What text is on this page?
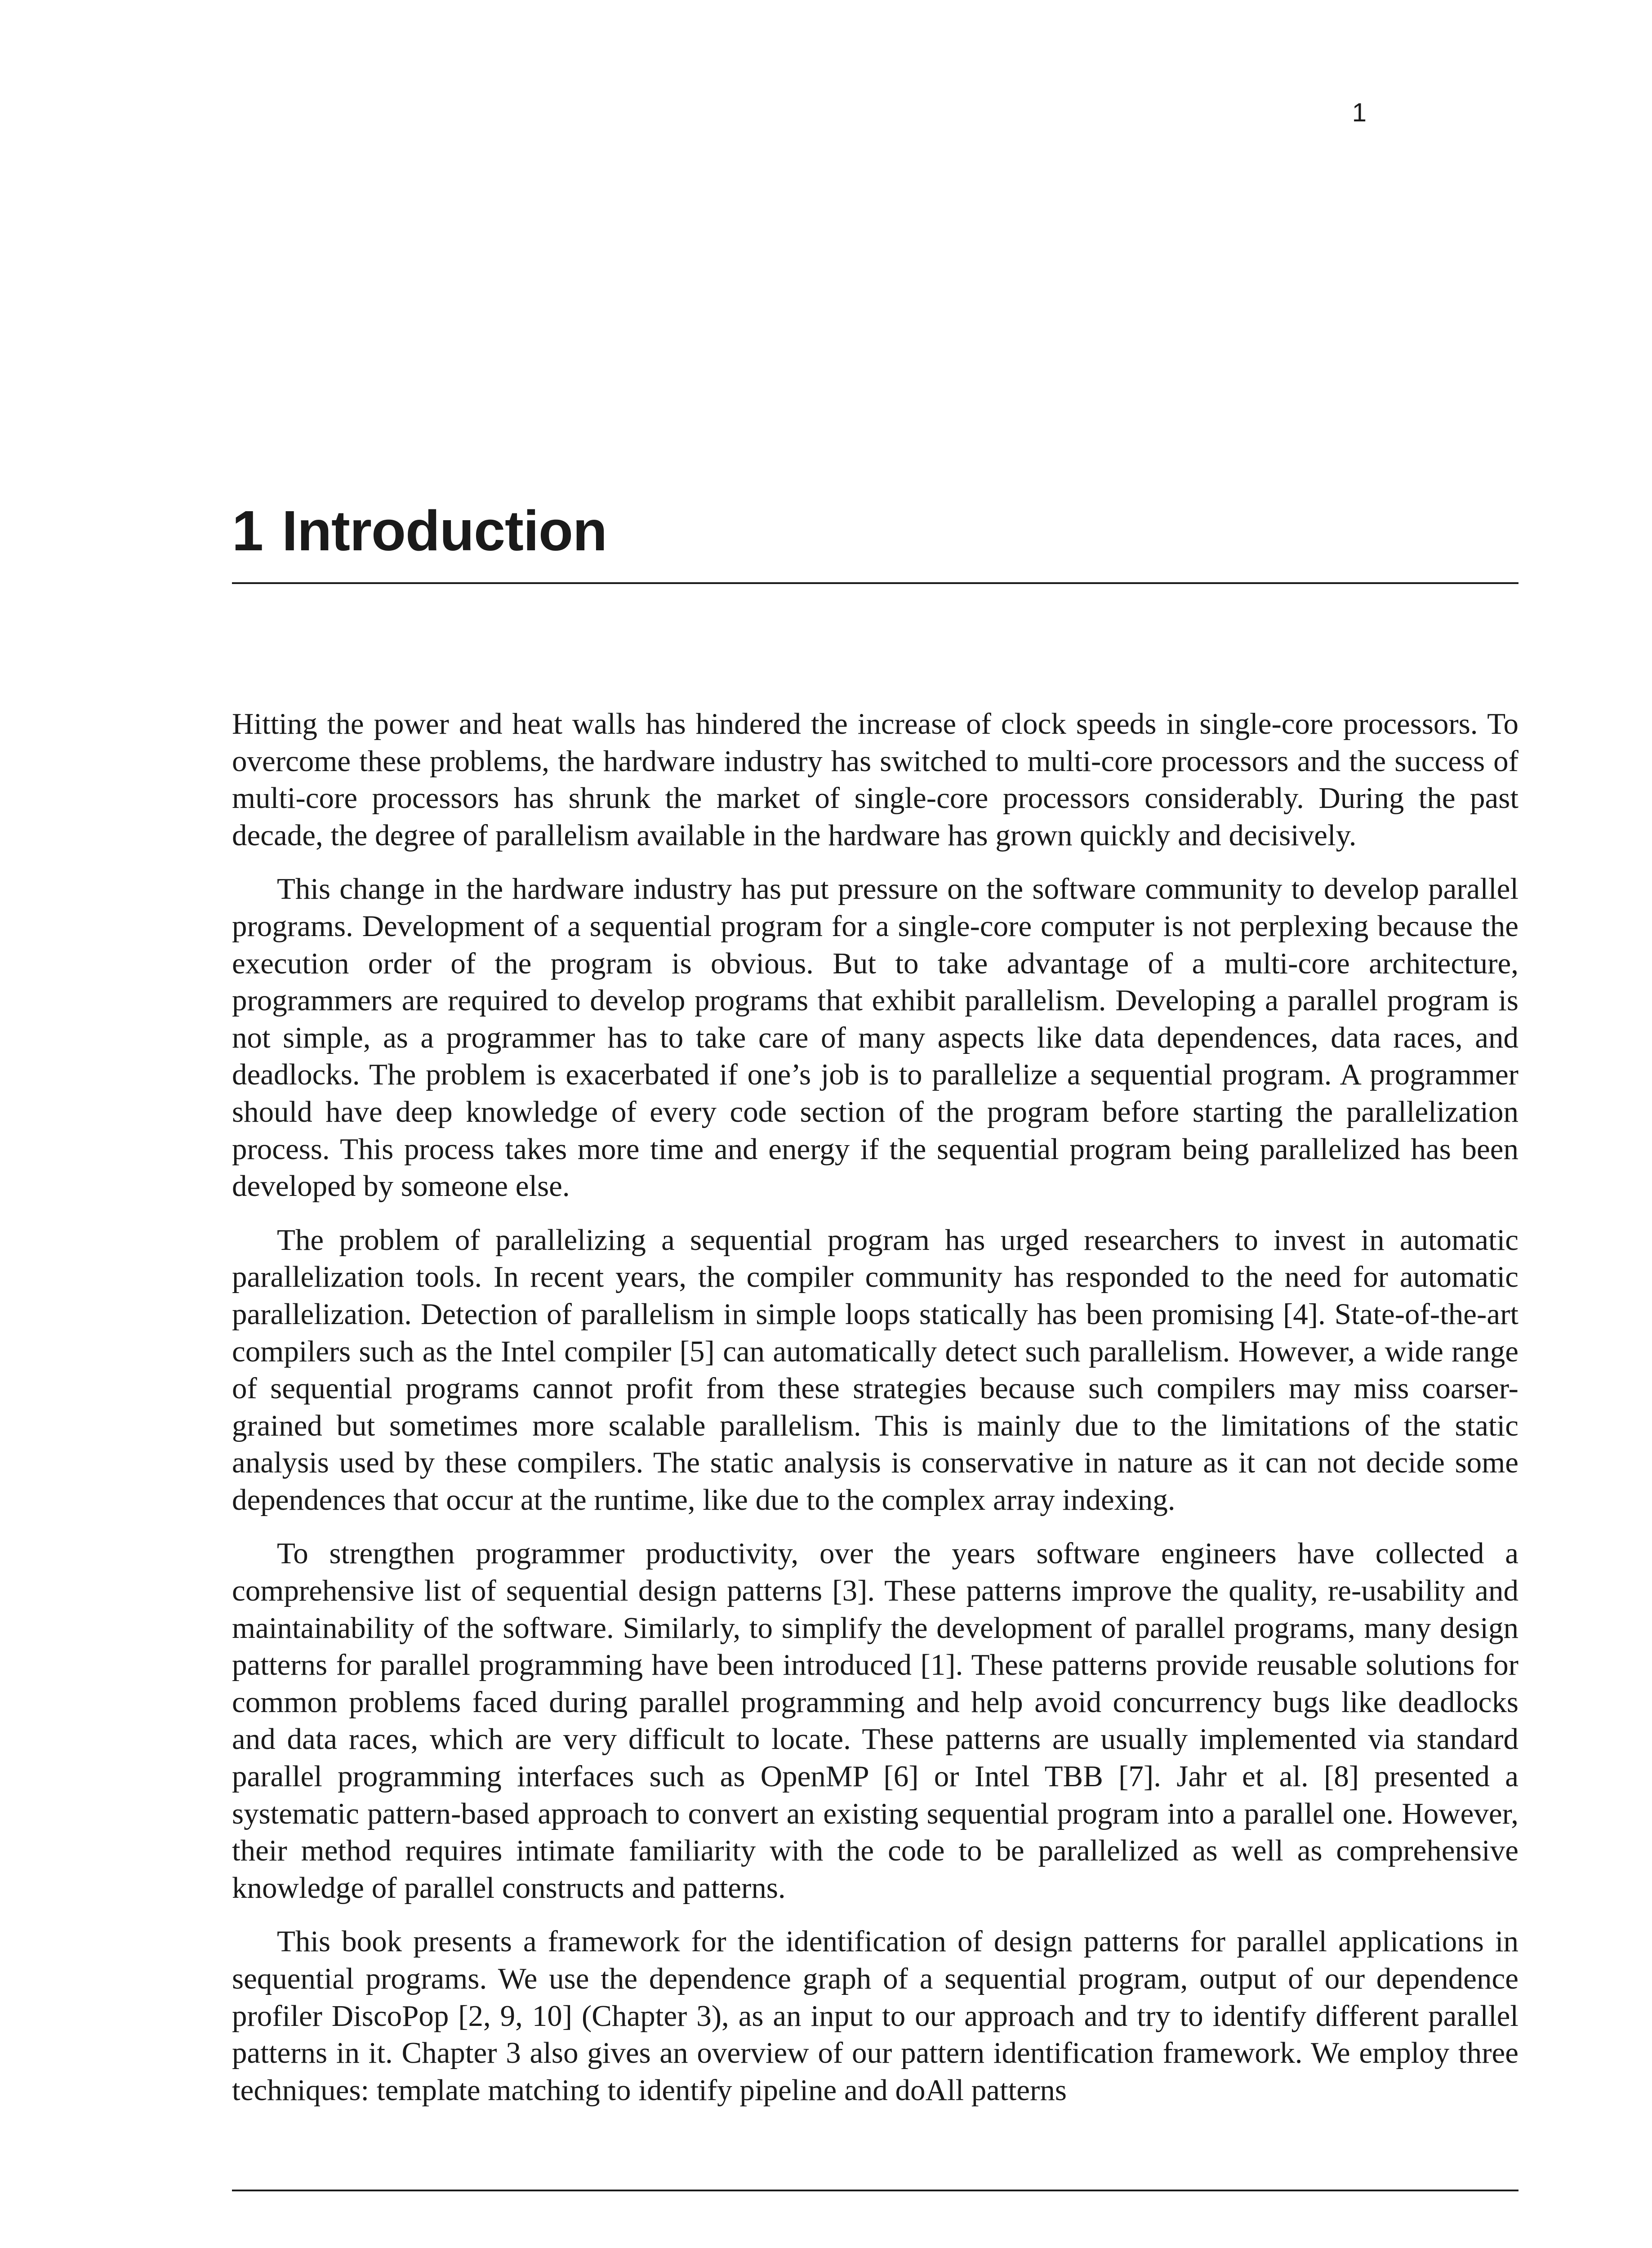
1
1 Introduction

Hitting the power and heat walls has hindered the increase of clock speeds in single-core processors. To overcome these problems, the hardware industry has switched to multi-core processors and the success of multi-core processors has shrunk the market of single-core processors considerably. During the past decade, the degree of parallelism available in the hardware has grown quickly and decisively.

This change in the hardware industry has put pressure on the software community to develop parallel programs. Development of a sequential program for a single-core computer is not perplexing because the execution order of the program is obvious. But to take advantage of a multi-core architecture, programmers are required to develop programs that exhibit parallelism. Developing a parallel program is not simple, as a programmer has to take care of many aspects like data dependences, data races, and deadlocks. The problem is exacerbated if one’s job is to parallelize a sequential program. A programmer should have deep knowledge of every code section of the program before starting the parallelization process. This process takes more time and energy if the sequential program being parallelized has been developed by someone else.

The problem of parallelizing a sequential program has urged researchers to invest in automatic parallelization tools. In recent years, the compiler community has responded to the need for automatic parallelization. Detection of parallelism in simple loops statically has been promising [4]. State-of-the-art compilers such as the Intel compiler [5] can automatically detect such parallelism. However, a wide range of sequential programs cannot profit from these strategies because such compilers may miss coarser-grained but sometimes more scalable parallelism. This is mainly due to the limitations of the static analysis used by these compilers. The static analysis is conservative in nature as it can not decide some dependences that occur at the runtime, like due to the complex array indexing.

To strengthen programmer productivity, over the years software engineers have collected a comprehensive list of sequential design patterns [3]. These patterns improve the quality, re-usability and maintainability of the software. Similarly, to simplify the development of parallel programs, many design patterns for parallel programming have been introduced [1]. These patterns provide reusable solutions for common problems faced during parallel programming and help avoid concurrency bugs like deadlocks and data races, which are very difficult to locate. These patterns are usually implemented via standard parallel programming interfaces such as OpenMP [6] or Intel TBB [7]. Jahr et al. [8] presented a systematic pattern-based approach to convert an existing sequential program into a parallel one. However, their method requires intimate familiarity with the code to be parallelized as well as comprehensive knowledge of parallel constructs and patterns.

This book presents a framework for the identification of design patterns for parallel applications in sequential programs. We use the dependence graph of a sequential program, output of our dependence profiler DiscoPop [2, 9, 10] (Chapter 3), as an input to our approach and try to identify different parallel patterns in it. Chapter 3 also gives an overview of our pattern identification framework. We employ three techniques: template matching to identify pipeline and doAll patterns
